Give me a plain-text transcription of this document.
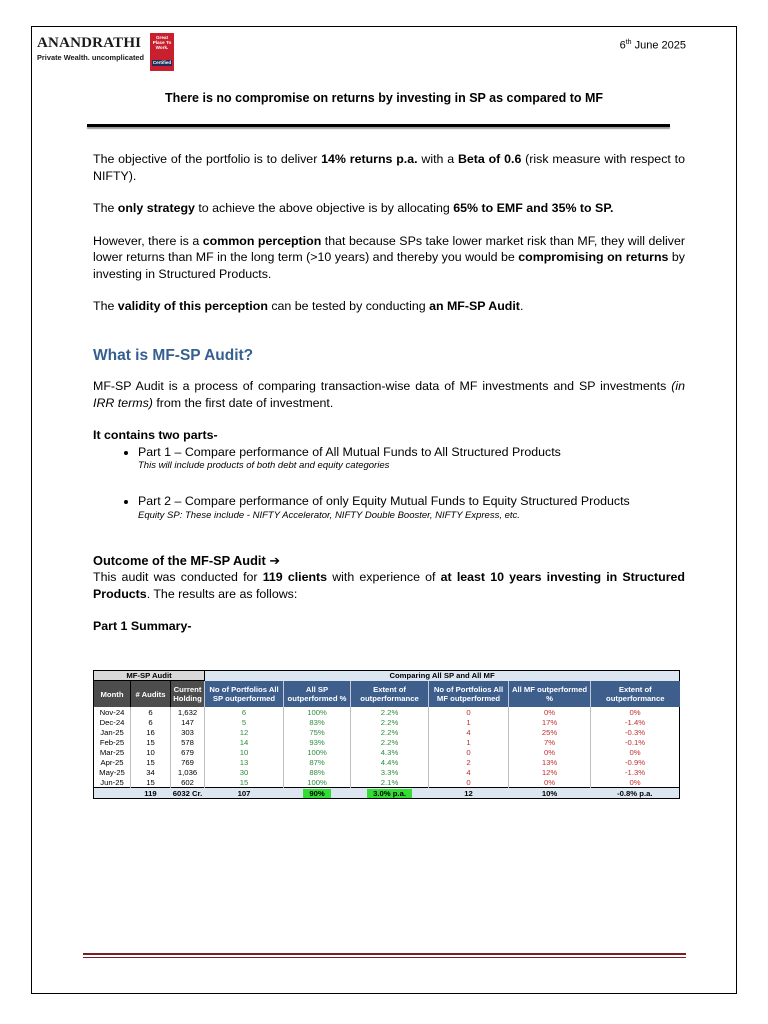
ANANDRATHI
Private Wealth. uncomplicated
Great Place To Work.
Certified
6th June 2025
There is no compromise on returns by investing in SP as compared to MF

The objective of the portfolio is to deliver 14% returns p.a. with a Beta of 0.6 (risk measure with respect to NIFTY).

The only strategy to achieve the above objective is by allocating 65% to EMF and 35% to SP.

However, there is a common perception that because SPs take lower market risk than MF, they will deliver lower returns than MF in the long term (>10 years) and thereby you would be compromising on returns by investing in Structured Products.

The validity of this perception can be tested by conducting an MF-SP Audit.

What is MF-SP Audit?

MF-SP Audit is a process of comparing transaction-wise data of MF investments and SP investments (in IRR terms) from the first date of investment.

It contains two parts-

• Part 1 – Compare performance of All Mutual Funds to All Structured Products
This will include products of both debt and equity categories
• Part 2 – Compare performance of only Equity Mutual Funds to Equity Structured Products
Equity SP: These include - NIFTY Accelerator, NIFTY Double Booster, NIFTY Express, etc.

Outcome of the MF-SP Audit ➔

This audit was conducted for 119 clients with experience of at least 10 years investing in Structured Products. The results are as follows:

Part 1 Summary-

MF-SP Audit			Comparing All SP and All MF					
Month	# Audits	Current Holding	No of Portfolios All SP outperformed	All SP outperformed %	Extent of outperformance	No of Portfolios All MF outperformed	All MF outperformed %	Extent of outperformance
Nov-24	6	1,632	6	100%	2.2%	0	0%	0%
Dec-24	6	147	5	83%	2.2%	1	17%	-1.4%
Jan-25	16	303	12	75%	2.2%	4	25%	-0.3%
Feb-25	15	578	14	93%	2.2%	1	7%	-0.1%
Mar-25	10	679	10	100%	4.3%	0	0%	0%
Apr-25	15	769	13	87%	4.4%	2	13%	-0.9%
May-25	34	1,036	30	88%	3.3%	4	12%	-1.3%
Jun-25	15	602	15	100%	2.1%	0	0%	0%
	119	6032 Cr.	107	90%	3.0% p.a.	12	10%	-0.8% p.a.
